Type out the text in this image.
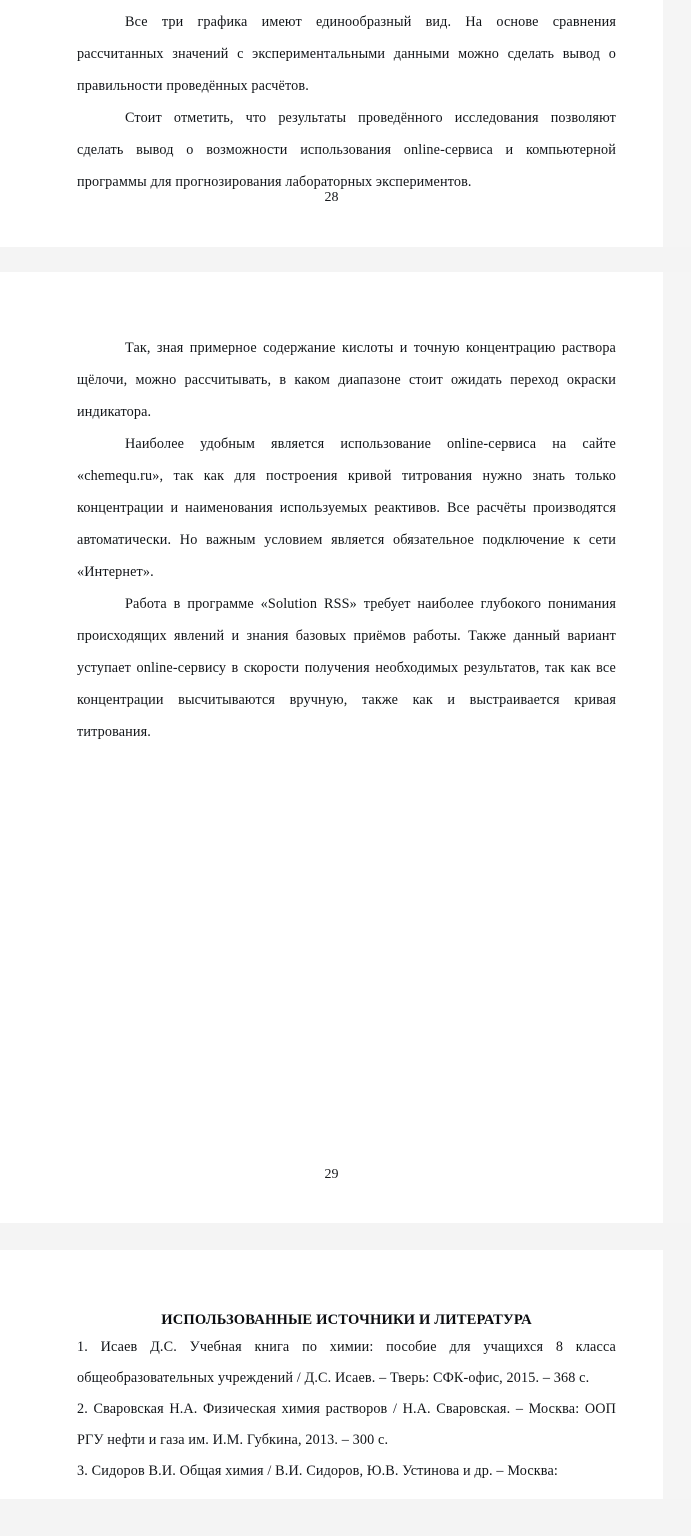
Все три графика имеют единообразный вид. На основе сравнения рассчитанных значений с экспериментальными данными можно сделать вывод о правильности проведённых расчётов.

Стоит отметить, что результаты проведённого исследования позволяют сделать вывод о возможности использования online-сервиса и компьютерной программы для прогнозирования лабораторных экспериментов.

28

Так, зная примерное содержание кислоты и точную концентрацию раствора щёлочи, можно рассчитывать, в каком диапазоне стоит ожидать переход окраски индикатора.

Наиболее удобным является использование online-сервиса на сайте «chemequ.ru», так как для построения кривой титрования нужно знать только концентрации и наименования используемых реактивов. Все расчёты производятся автоматически. Но важным условием является обязательное подключение к сети «Интернет».

Работа в программе «Solution RSS» требует наиболее глубокого понимания происходящих явлений и знания базовых приёмов работы. Также данный вариант уступает online-сервису в скорости получения необходимых результатов, так как все концентрации высчитываются вручную, также как и выстраивается кривая титрования.

29
ИСПОЛЬЗОВАННЫЕ ИСТОЧНИКИ И ЛИТЕРАТУРА

1. Исаев Д.С. Учебная книга по химии: пособие для учащихся 8 класса общеобразовательных учреждений / Д.С. Исаев. – Тверь: СФК-офис, 2015. – 368 с.

2. Сваровская Н.А. Физическая химия растворов / Н.А. Сваровская. – Москва: ООП РГУ нефти и газа им. И.М. Губкина, 2013. – 300 с.

3. Сидоров В.И. Общая химия / В.И. Сидоров, Ю.В. Устинова и др. – Москва:
